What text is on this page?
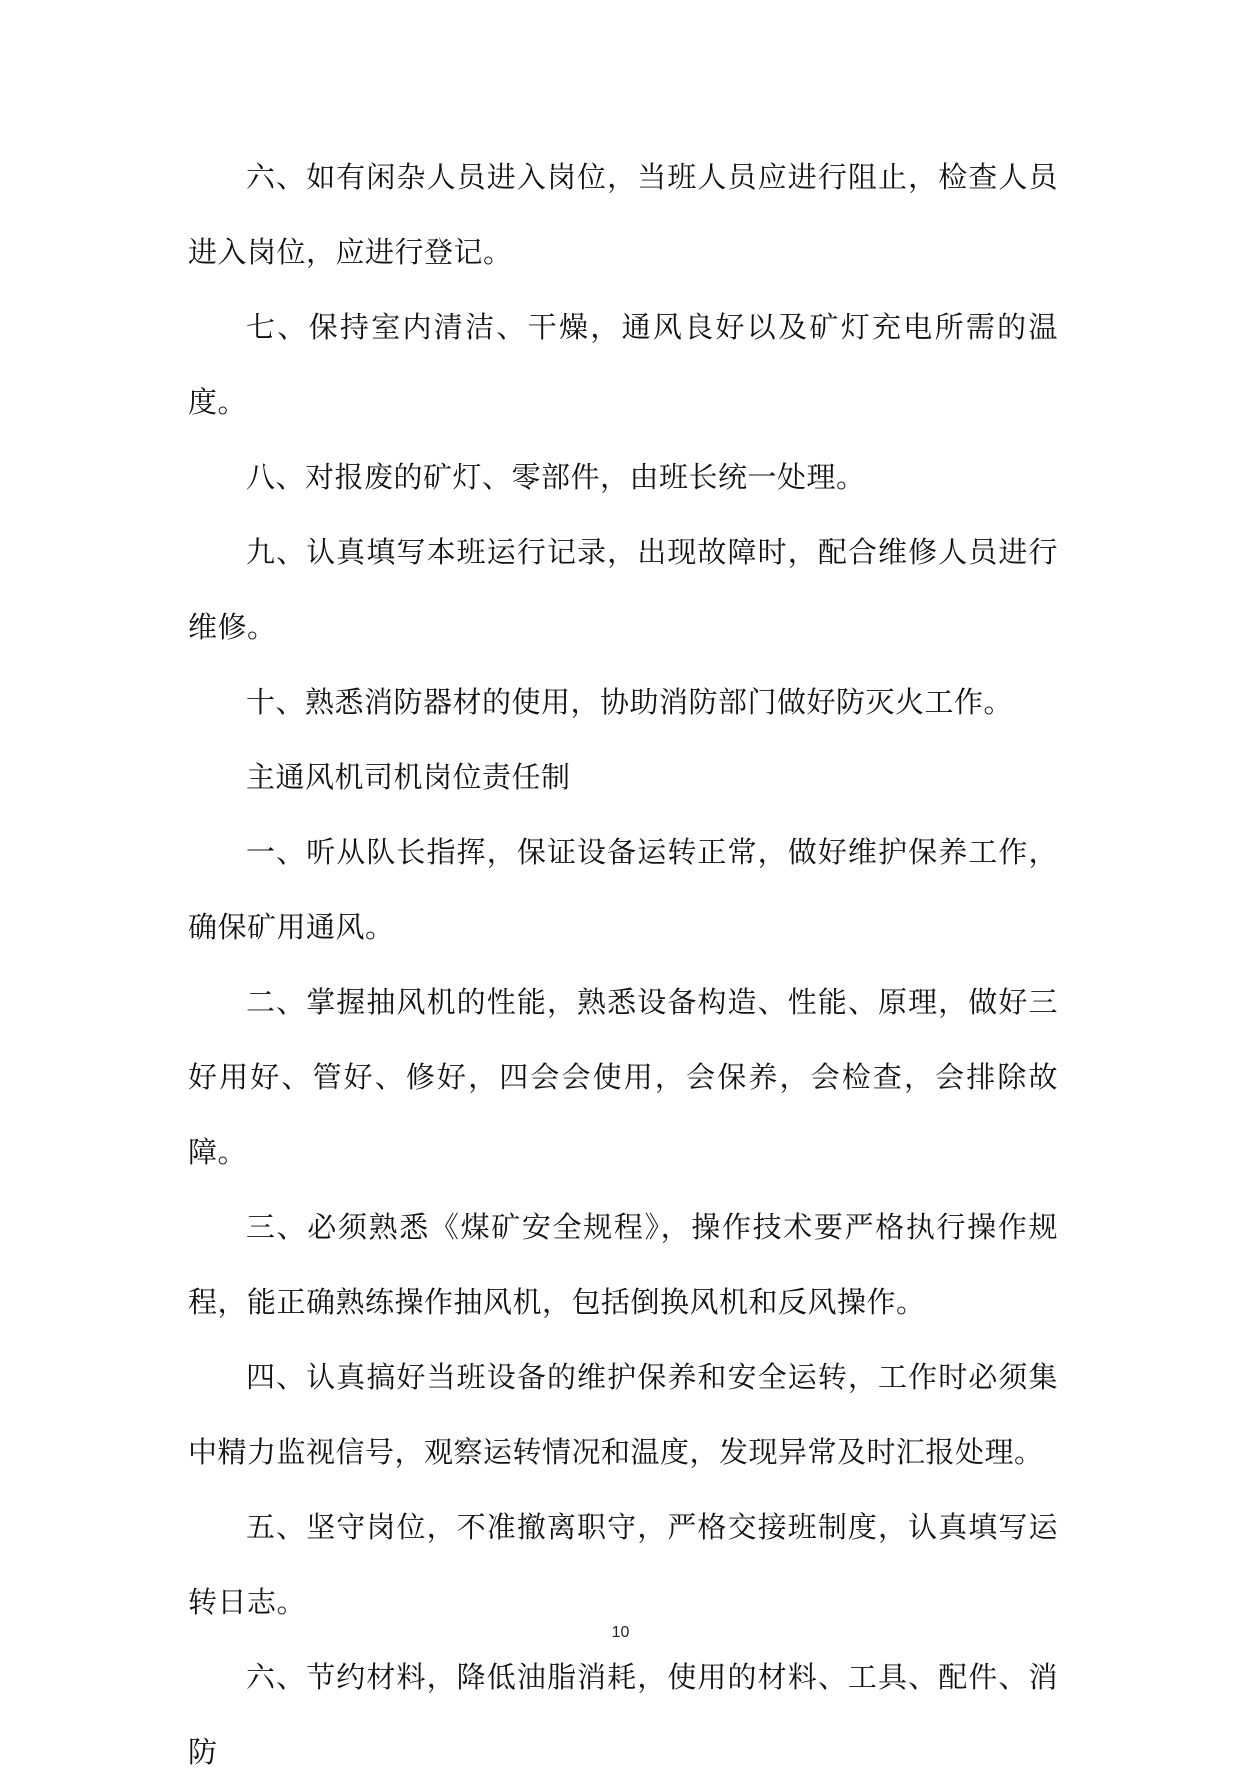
六、如有闲杂人员进入岗位，当班人员应进行阻止，检查人员进入岗位，应进行登记。

七、保持室内清洁、干燥，通风良好以及矿灯充电所需的温度。

八、对报废的矿灯、零部件，由班长统一处理。

九、认真填写本班运行记录，出现故障时，配合维修人员进行维修。

十、熟悉消防器材的使用，协助消防部门做好防灭火工作。

主通风机司机岗位责任制

一、听从队长指挥，保证设备运转正常，做好维护保养工作，确保矿用通风。

二、掌握抽风机的性能，熟悉设备构造、性能、原理，做好三好用好、管好、修好，四会会使用，会保养，会检查，会排除故障。

三、必须熟悉《煤矿安全规程》，操作技术要严格执行操作规程，能正确熟练操作抽风机，包括倒换风机和反风操作。

四、认真搞好当班设备的维护保养和安全运转，工作时必须集中精力监视信号，观察运转情况和温度，发现异常及时汇报处理。

五、坚守岗位，不准撤离职守，严格交接班制度，认真填写运转日志。

六、节约材料，降低油脂消耗，使用的材料、工具、配件、消防

10
